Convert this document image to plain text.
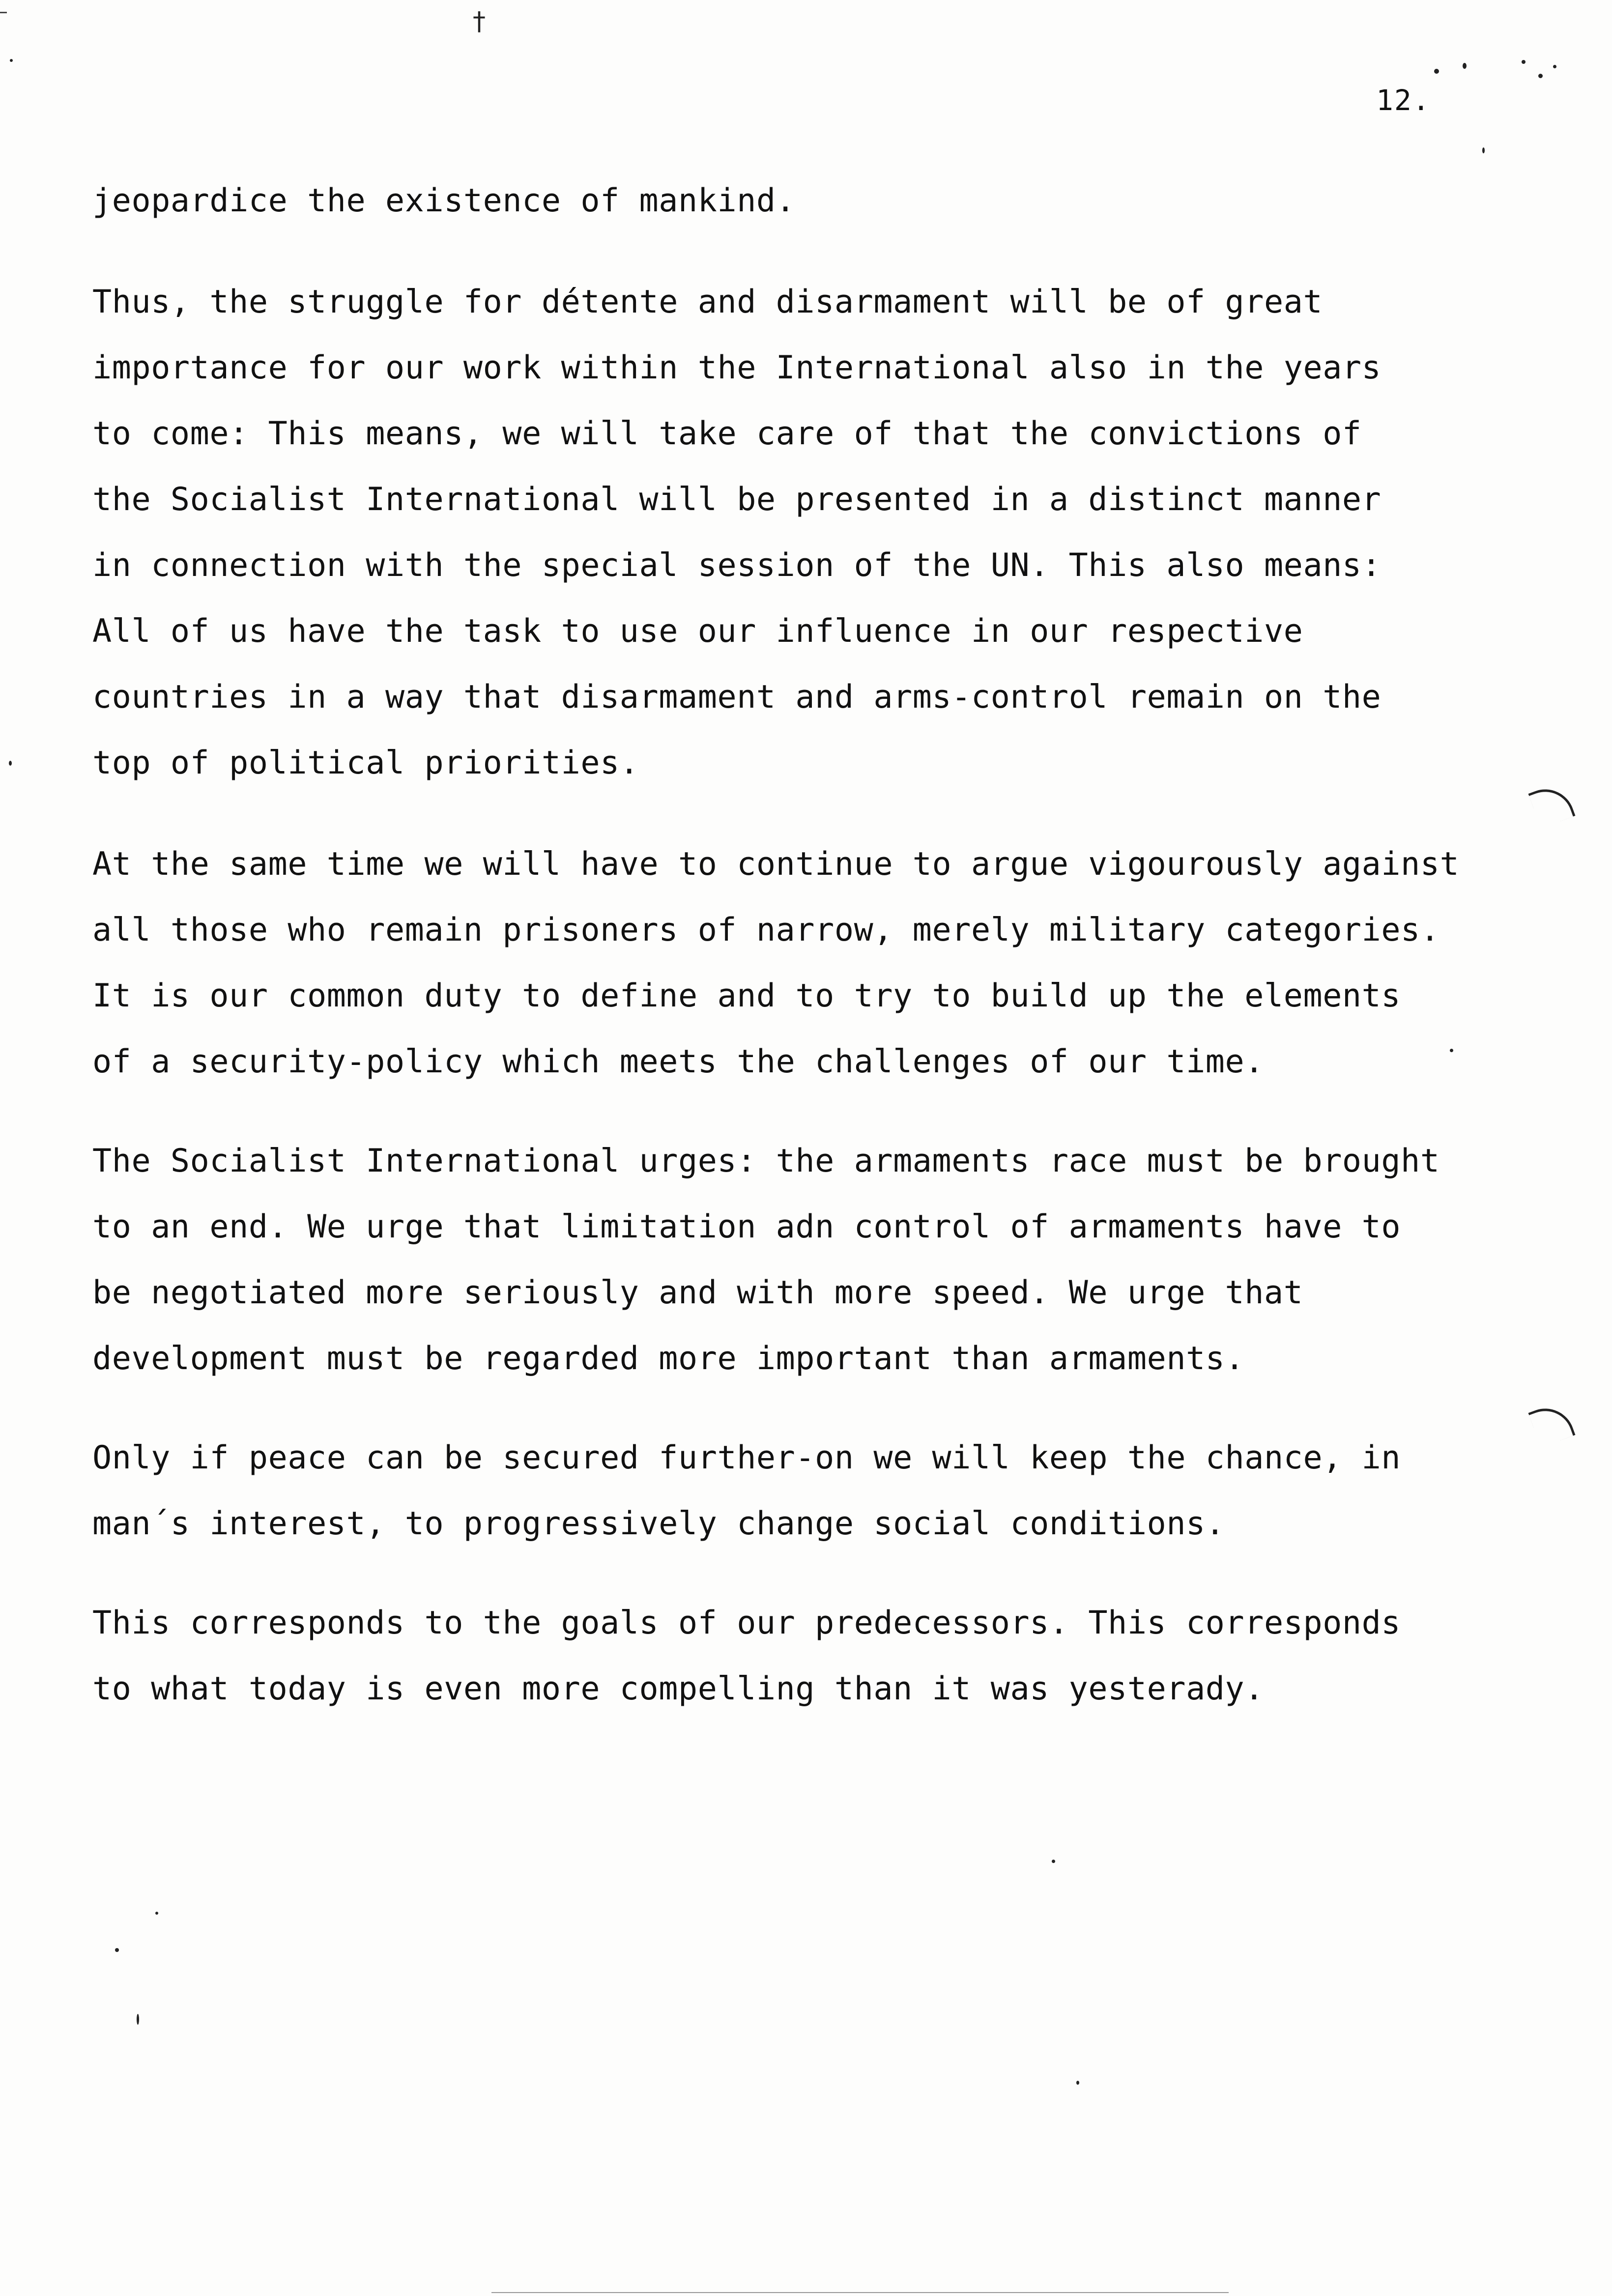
†
12.
jeopardice the existence of mankind.
Thus, the struggle for détente and disarmament will be of great
importance for our work within the International also in the years
to come: This means, we will take care of that the convictions of
the Socialist International will be presented in a distinct manner
in connection with the special session of the UN. This also means:
All of us have the task to use our influence in our respective
countries in a way that disarmament and arms-control remain on the
top of political priorities.
At the same time we will have to continue to argue vigourously against
all those who remain prisoners of narrow, merely military categories.
It is our common duty to define and to try to build up the elements
of a security-policy which meets the challenges of our time.
The Socialist International urges: the armaments race must be brought
to an end. We urge that limitation adn control of armaments have to
be negotiated more seriously and with more speed. We urge that
development must be regarded more important than armaments.
Only if peace can be secured further-on we will keep the chance, in
man´s interest, to progressively change social conditions.
This corresponds to the goals of our predecessors. This corresponds
to what today is even more compelling than it was yesterady.
